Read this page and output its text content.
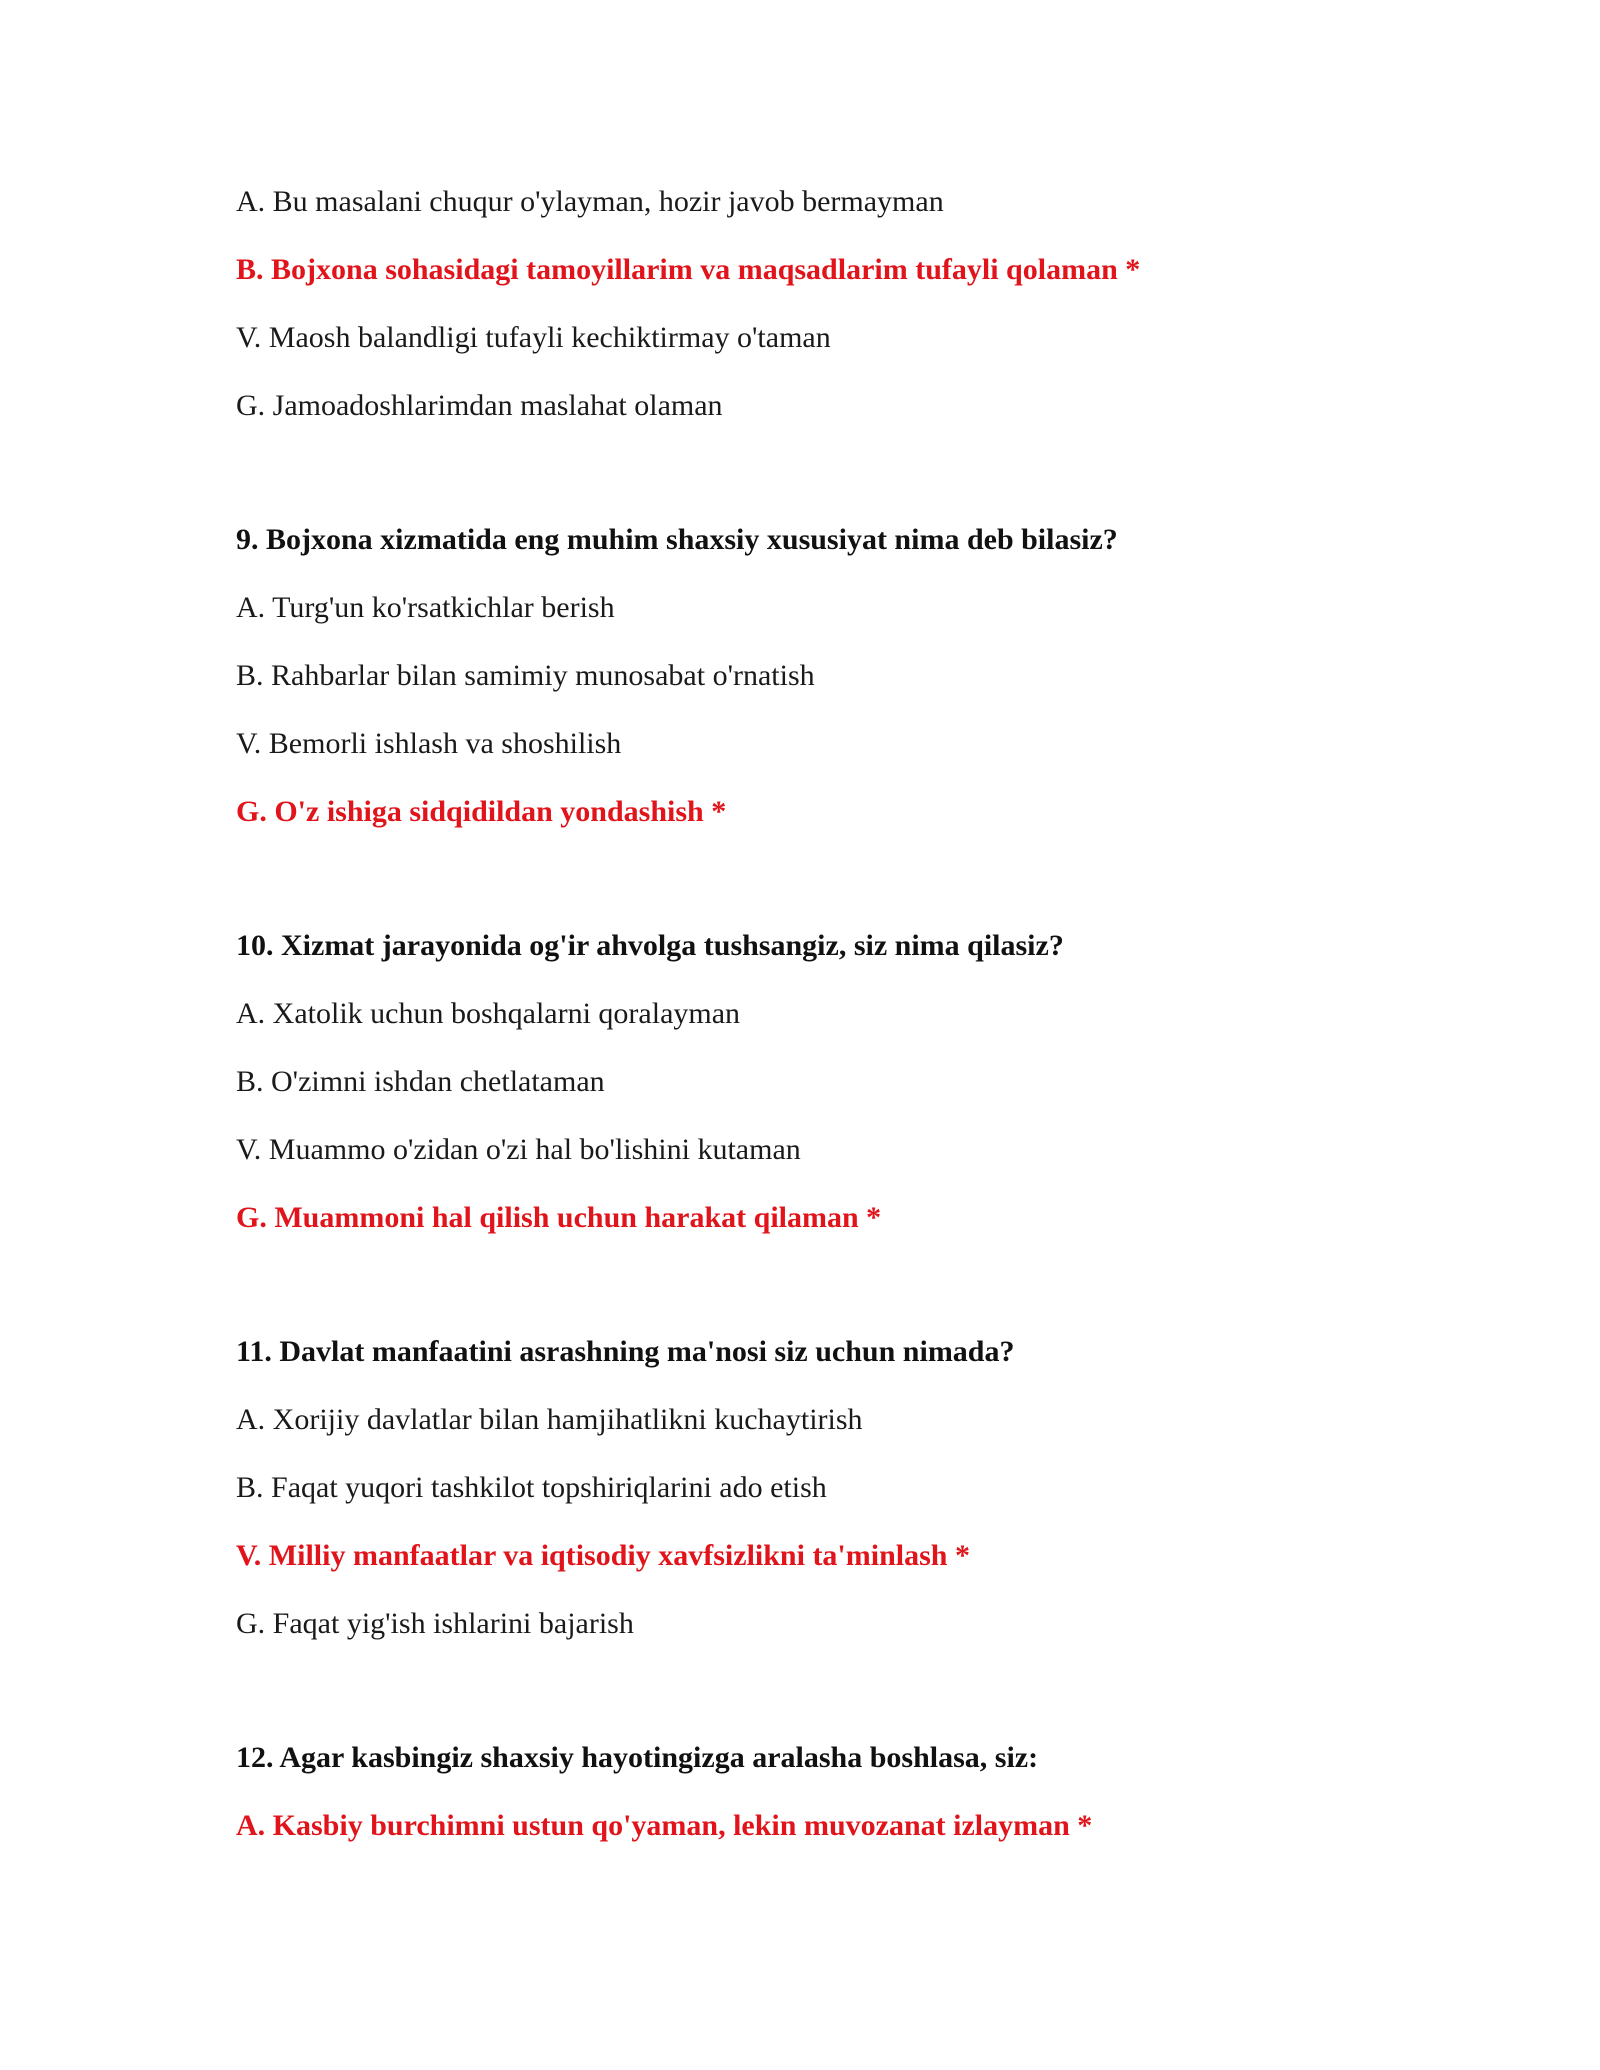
A. Bu masalani chuqur o'ylayman, hozir javob bermayman
B. Bojxona sohasidagi tamoyillarim va maqsadlarim tufayli qolaman *
V. Maosh balandligi tufayli kechiktirmay o'taman
G. Jamoadoshlarimdan maslahat olaman
9. Bojxona xizmatida eng muhim shaxsiy xususiyat nima deb bilasiz?
A. Turg'un ko'rsatkichlar berish
B. Rahbarlar bilan samimiy munosabat o'rnatish
V. Bemorli ishlash va shoshilish
G. O'z ishiga sidqidildan yondashish *
10. Xizmat jarayonida og'ir ahvolga tushsangiz, siz nima qilasiz?
A. Xatolik uchun boshqalarni qoralayman
B. O'zimni ishdan chetlataman
V. Muammo o'zidan o'zi hal bo'lishini kutaman
G. Muammoni hal qilish uchun harakat qilaman *
11. Davlat manfaatini asrashning ma'nosi siz uchun nimada?
A. Xorijiy davlatlar bilan hamjihatlikni kuchaytirish
B. Faqat yuqori tashkilot topshiriqlarini ado etish
V. Milliy manfaatlar va iqtisodiy xavfsizlikni ta'minlash *
G. Faqat yig'ish ishlarini bajarish
12. Agar kasbingiz shaxsiy hayotingizga aralasha boshlasa, siz:
A. Kasbiy burchimni ustun qo'yaman, lekin muvozanat izlayman *
